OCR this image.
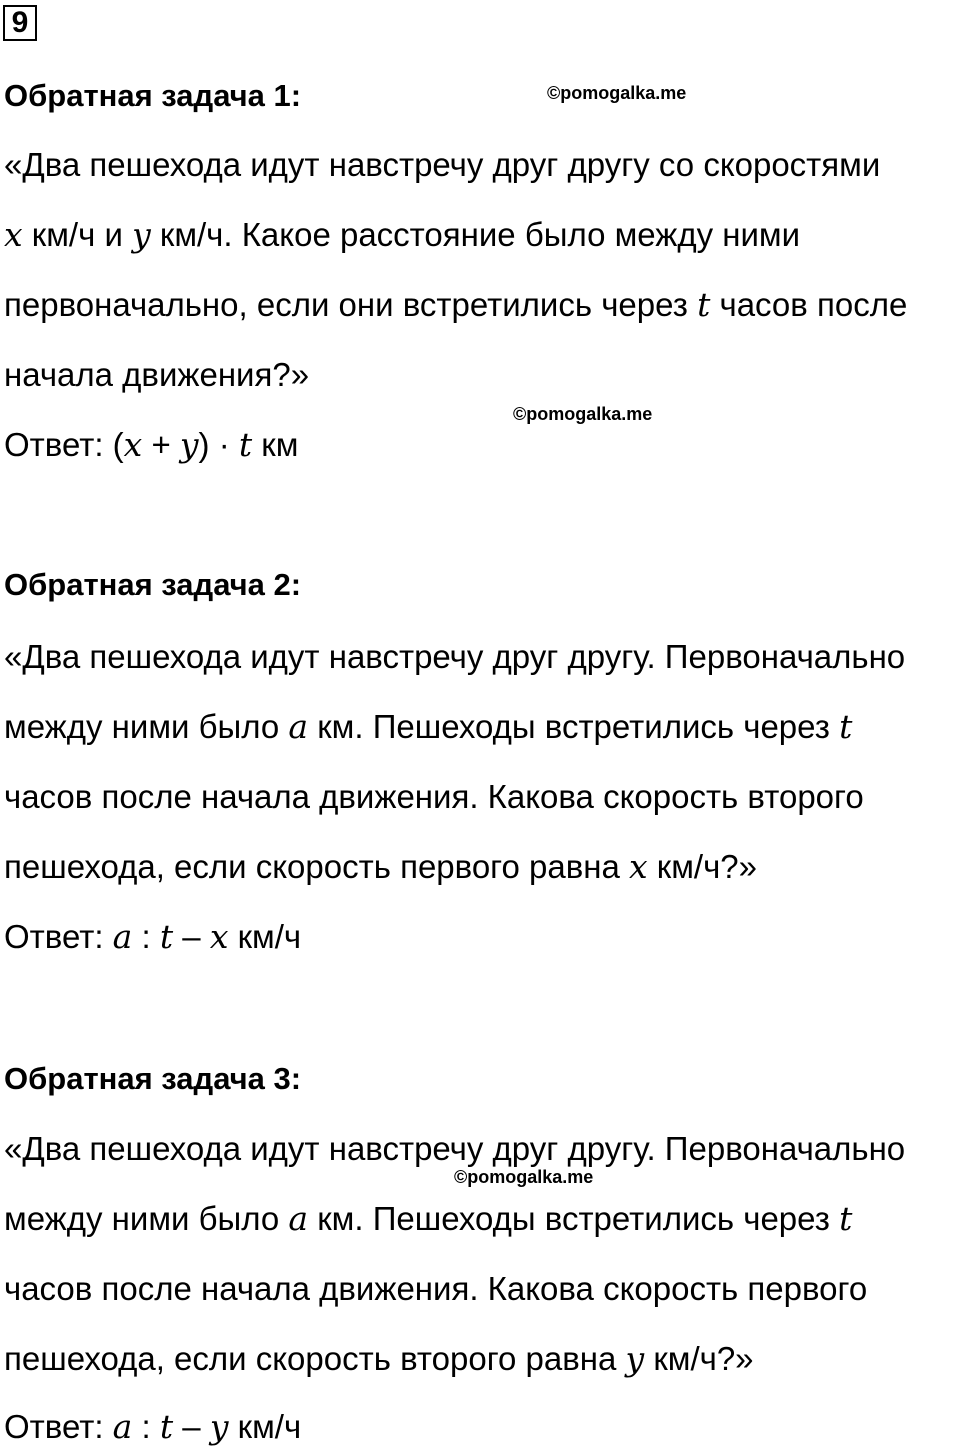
9
Обратная задача 1:	©pomogalka.me
«Два пешехода идут навстречу друг другу со скоростями
x км/ч и y км/ч. Какое расстояние было между ними
первоначально, если они встретились через t часов после
начала движения?»
©pomogalka.me
Ответ: (x + y) · t км
Обратная задача 2:
«Два пешехода идут навстречу друг другу. Первоначально
между ними было a км. Пешеходы встретились через t
часов после начала движения. Какова скорость второго
пешехода, если скорость первого равна x км/ч?»
Ответ: a : t – x км/ч
Обратная задача 3:
«Два пешехода идут навстречу друг другу. Первоначально
©pomogalka.me
между ними было a км. Пешеходы встретились через t
часов после начала движения. Какова скорость первого
пешехода, если скорость второго равна y км/ч?»
Ответ: a : t – y км/ч
